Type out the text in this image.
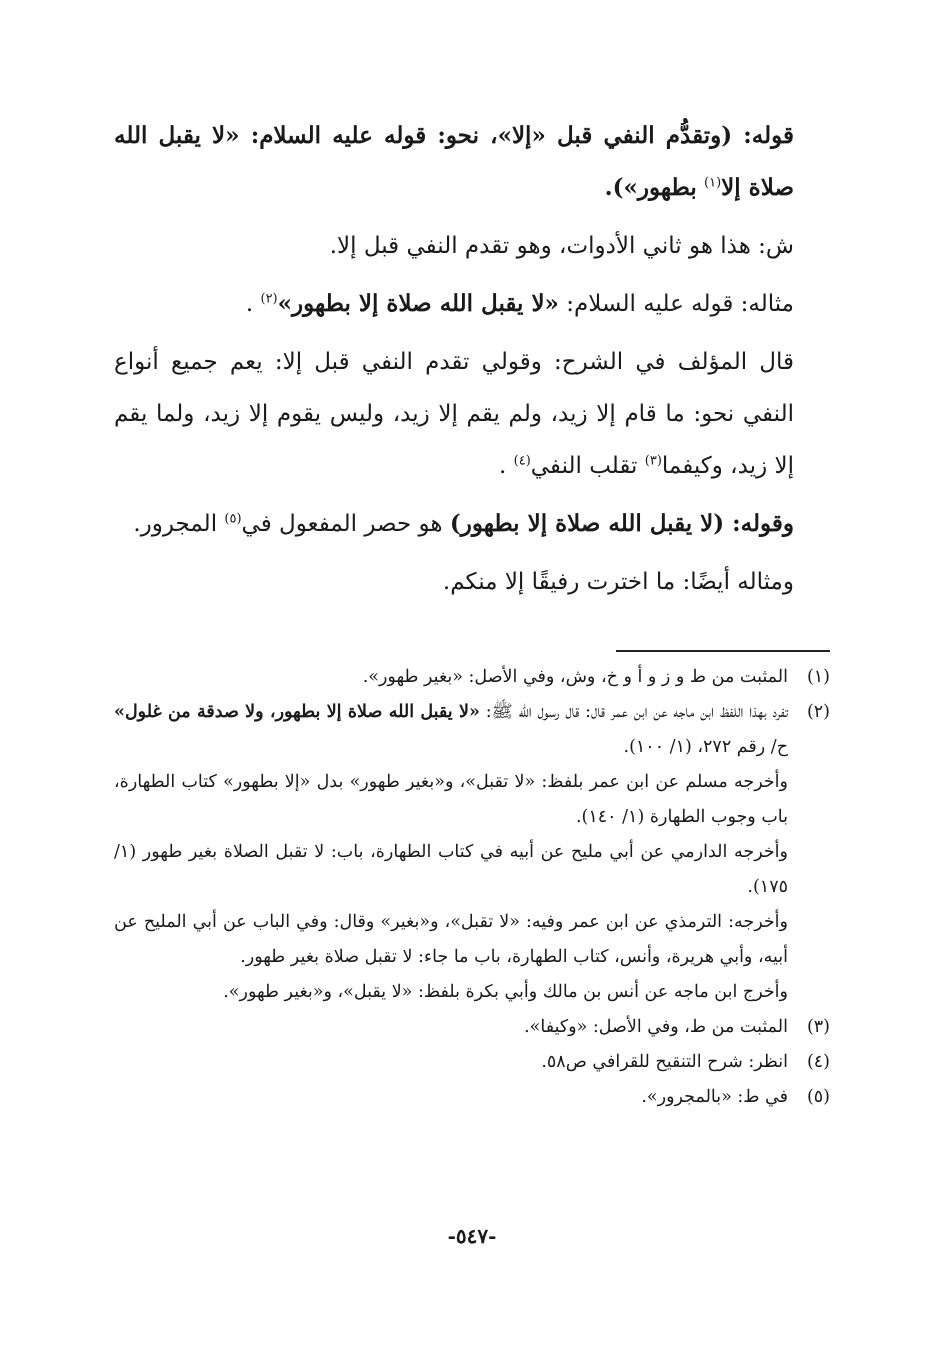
قوله: (وتقدُّم النفي قبل «إلا»، نحو: قوله عليه السلام: «لا يقبل الله صلاة إلا$^{(١)}$ بطهور»).

ش: هذا هو ثاني الأدوات، وهو تقدم النفي قبل إلا.

مثاله: قوله عليه السلام: «لا يقبل الله صلاة إلا بطهور»$^{(٢)}$ .

قال المؤلف في الشرح: وقولي تقدم النفي قبل إلا: يعم جميع أنواع النفي نحو: ما قام إلا زيد، ولم يقم إلا زيد، وليس يقوم إلا زيد، ولما يقم إلا زيد، وكيفما$^{(٣)}$ تقلب النفي$^{(٤)}$ .

وقوله: (لا يقبل الله صلاة إلا بطهور) هو حصر المفعول في$^{(٥)}$ المجرور.

ومثاله أيضًا: ما اخترت رفيقًا إلا منكم.

(١)
المثبت من ط و ز و أ و خ، وش، وفي الأصل: «بغير طهور».

(٢)
تفرد بهذا اللفظ ابن ماجه عن ابن عمر قال: قال رسول الله ﷺ: «لا يقبل الله صلاة إلا بطهور، ولا صدقة من غلول» ح/ رقم ٢٧٢، (١/ ١٠٠).

وأخرجه مسلم عن ابن عمر بلفظ: «لا تقبل»، و«بغير طهور» بدل «إلا بطهور» كتاب الطهارة، باب وجوب الطهارة (١/ ١٤٠).

وأخرجه الدارمي عن أبي مليح عن أبيه في كتاب الطهارة، باب: لا تقبل الصلاة بغير طهور (١/ ١٧٥).

وأخرجه: الترمذي عن ابن عمر وفيه: «لا تقبل»، و«بغير» وقال: وفي الباب عن أبي المليح عن أبيه، وأبي هريرة، وأنس، كتاب الطهارة، باب ما جاء: لا تقبل صلاة بغير طهور.

وأخرج ابن ماجه عن أنس بن مالك وأبي بكرة بلفظ: «لا يقبل»، و«بغير طهور».

(٣)
المثبت من ط، وفي الأصل: «وكيفا».

(٤)
انظر: شرح التنقيح للقرافي ص٥٨.

(٥)
في ط: «بالمجرور».

-٥٤٧-
